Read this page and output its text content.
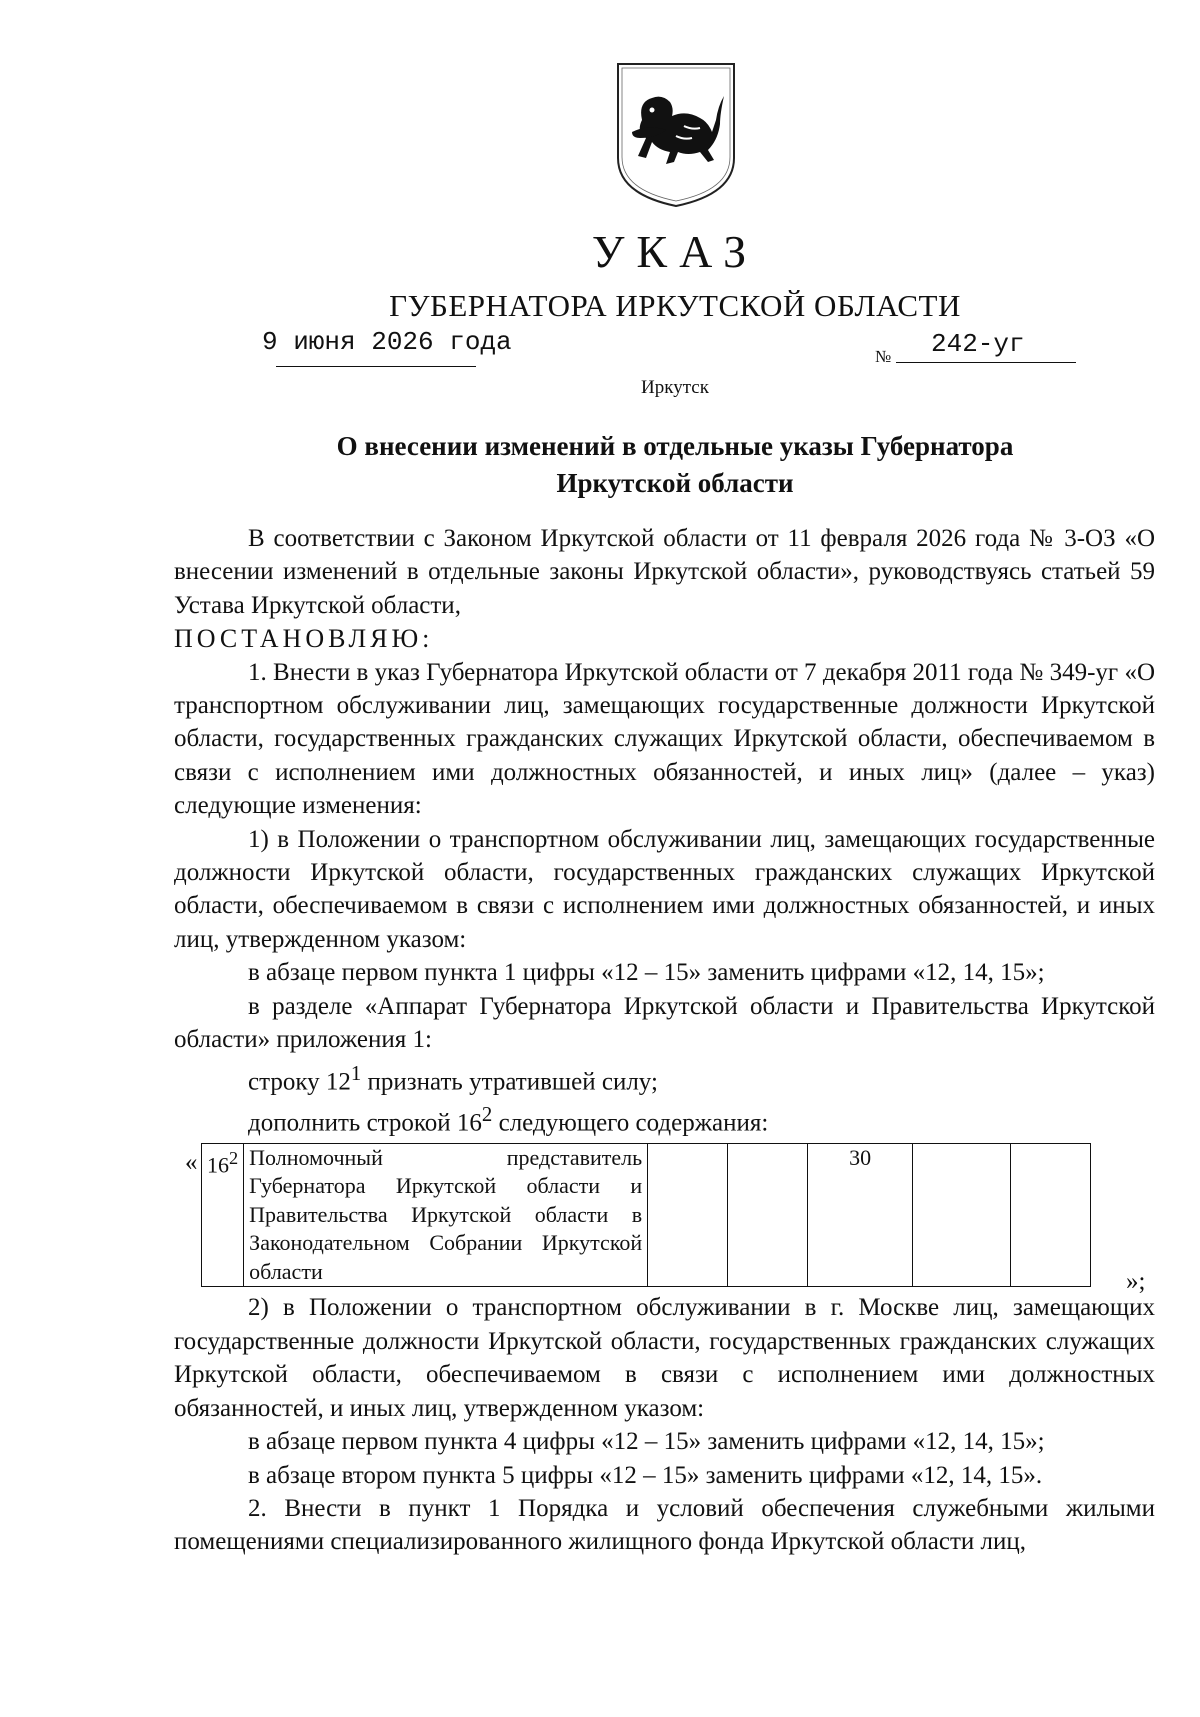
УКАЗ
ГУБЕРНАТОРА ИРКУТСКОЙ ОБЛАСТИ
9 июня 2026 года	№ 242-уг
Иркутск
О внесении изменений в отдельные указы Губернатора
Иркутской области

В соответствии с Законом Иркутской области от 11 февраля 2026 года № 3-ОЗ «О внесении изменений в отдельные законы Иркутской области», руководствуясь статьей 59 Устава Иркутской области,

ПОСТАНОВЛЯЮ:

1. Внести в указ Губернатора Иркутской области от 7 декабря 2011 года № 349-уг «О транспортном обслуживании лиц, замещающих государственные должности Иркутской области, государственных гражданских служащих Иркутской области, обеспечиваемом в связи с исполнением ими должностных обязанностей, и иных лиц» (далее – указ) следующие изменения:

1) в Положении о транспортном обслуживании лиц, замещающих государственные должности Иркутской области, государственных гражданских служащих Иркутской области, обеспечиваемом в связи с исполнением ими должностных обязанностей, и иных лиц, утвержденном указом:

в абзаце первом пункта 1 цифры «12 – 15» заменить цифрами «12, 14, 15»;

в разделе «Аппарат Губернатора Иркутской области и Правительства Иркутской области» приложения 1:

строку $12^1$ признать утратившей силу;

дополнить строкой $16^2$ следующего содержания:

« $16^2$	Полномочный представитель Губернатора Иркутской области и Правительства Иркутской области в Законодательном Собрании Иркутской области			30		
»;

2) в Положении о транспортном обслуживании в г. Москве лиц, замещающих государственные должности Иркутской области, государственных гражданских служащих Иркутской области, обеспечиваемом в связи с исполнением ими должностных обязанностей, и иных лиц, утвержденном указом:

в абзаце первом пункта 4 цифры «12 – 15» заменить цифрами «12, 14, 15»;

в абзаце втором пункта 5 цифры «12 – 15» заменить цифрами «12, 14, 15».

2. Внести в пункт 1 Порядка и условий обеспечения служебными жилыми помещениями специализированного жилищного фонда Иркутской области лиц,
